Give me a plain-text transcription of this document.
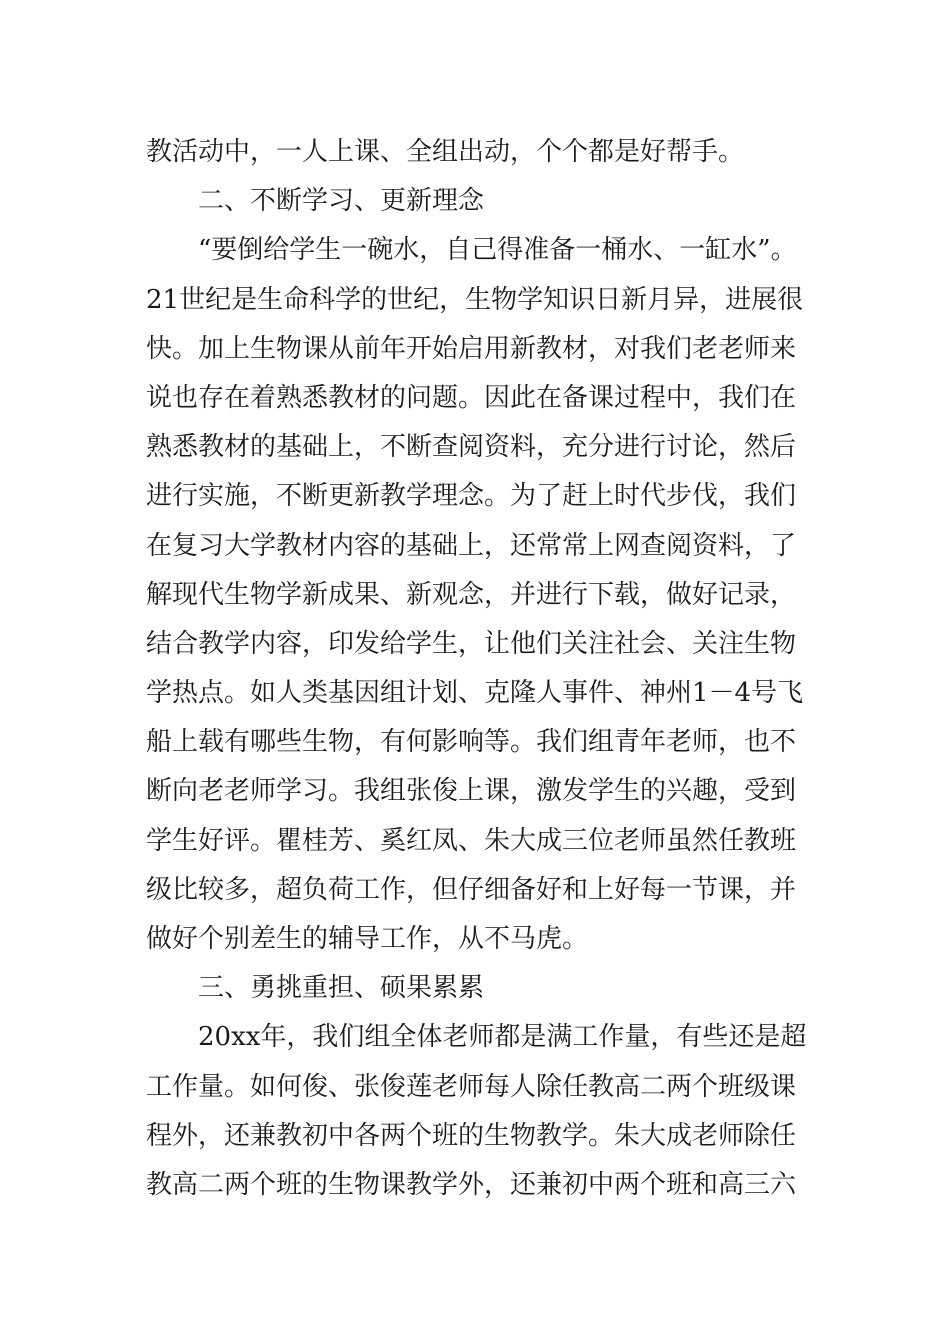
教活动中，一人上课、全组出动，个个都是好帮手。
二、不断学习、更新理念
“要倒给学生一碗水，自己得准备一桶水、一缸水”。
21世纪是生命科学的世纪，生物学知识日新月异，进展很
快。加上生物课从前年开始启用新教材，对我们老老师来
说也存在着熟悉教材的问题。因此在备课过程中，我们在
熟悉教材的基础上，不断查阅资料，充分进行讨论，然后
进行实施，不断更新教学理念。为了赶上时代步伐，我们
在复习大学教材内容的基础上，还常常上网查阅资料，了
解现代生物学新成果、新观念，并进行下载，做好记录，
结合教学内容，印发给学生，让他们关注社会、关注生物
学热点。如人类基因组计划、克隆人事件、神州1－4号飞
船上载有哪些生物，有何影响等。我们组青年老师，也不
断向老老师学习。我组张俊上课，激发学生的兴趣，受到
学生好评。瞿桂芳、奚红凤、朱大成三位老师虽然任教班
级比较多，超负荷工作，但仔细备好和上好每一节课，并
做好个别差生的辅导工作，从不马虎。
三、勇挑重担、硕果累累
20xx年，我们组全体老师都是满工作量，有些还是超
工作量。如何俊、张俊莲老师每人除任教高二两个班级课
程外，还兼教初中各两个班的生物教学。朱大成老师除任
教高二两个班的生物课教学外，还兼初中两个班和高三六
